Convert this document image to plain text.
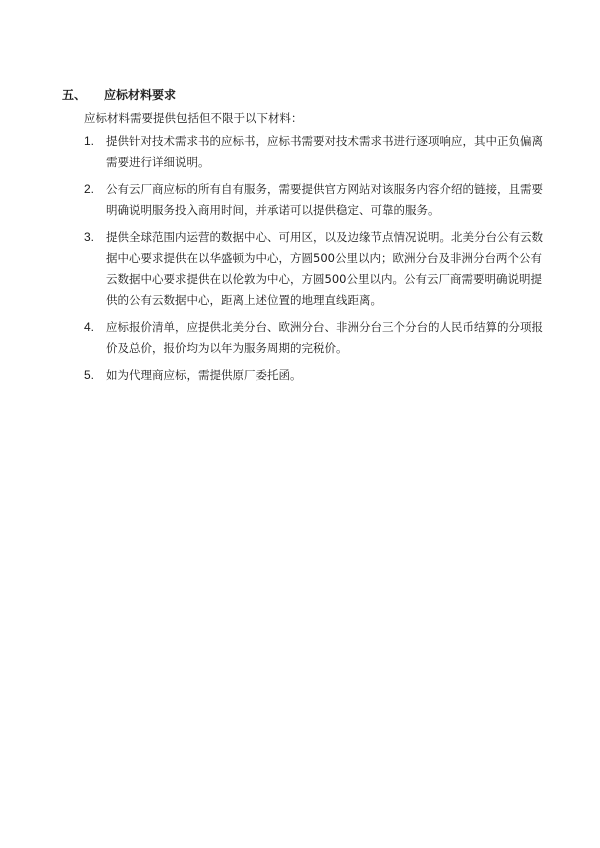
五、	应标材料要求
应标材料需要提供包括但不限于以下材料：
1. 提供针对技术需求书的应标书，应标书需要对技术需求书进行逐项响应，其中正负偏离需要进行详细说明。
2. 公有云厂商应标的所有自有服务，需要提供官方网站对该服务内容介绍的链接，且需要明确说明服务投入商用时间，并承诺可以提供稳定、可靠的服务。
3. 提供全球范围内运营的数据中心、可用区，以及边缘节点情况说明。北美分台公有云数据中心要求提供在以华盛顿为中心，方圆500公里以内；欧洲分台及非洲分台两个公有云数据中心要求提供在以伦敦为中心，方圆500公里以内。公有云厂商需要明确说明提供的公有云数据中心，距离上述位置的地理直线距离。
4. 应标报价清单，应提供北美分台、欧洲分台、非洲分台三个分台的人民币结算的分项报价及总价，报价均为以年为服务周期的完税价。
5. 如为代理商应标，需提供原厂委托函。
